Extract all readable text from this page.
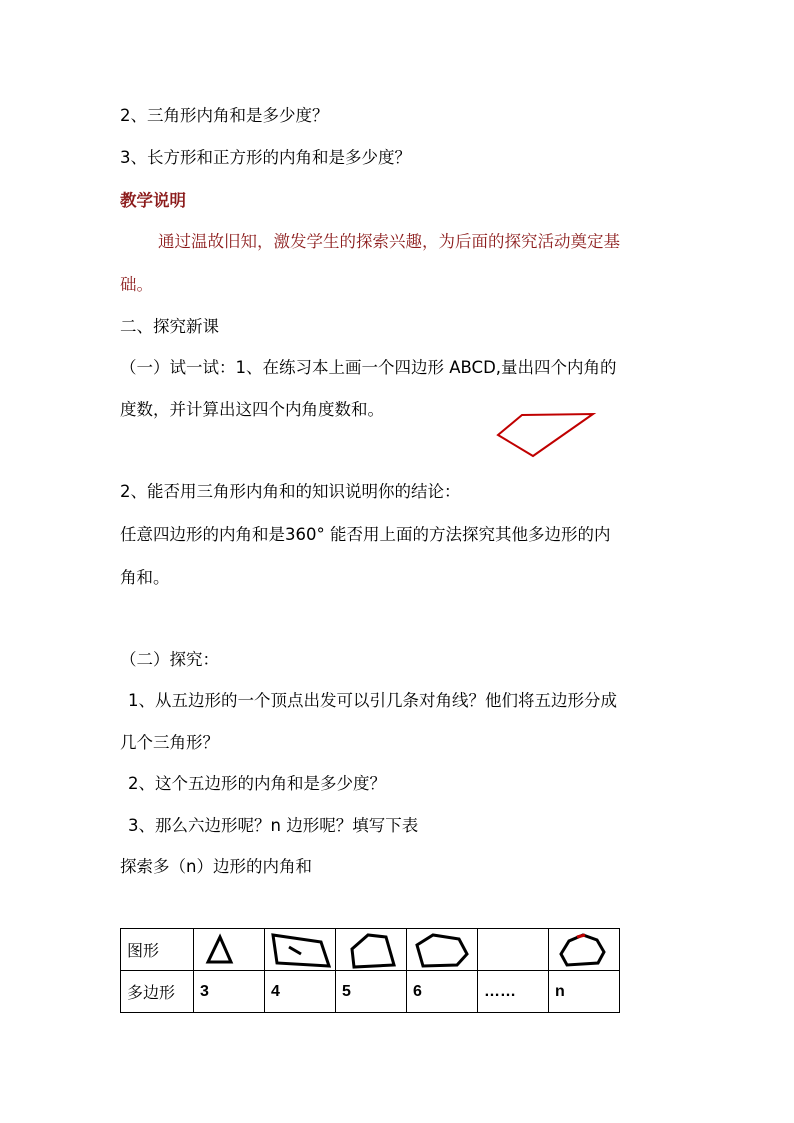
2、三角形内角和是多少度？
3、长方形和正方形的内角和是多少度？
教学说明
通过温故旧知，激发学生的探索兴趣，为后面的探究活动奠定基
础。
二、探究新课
（一）试一试：1、在练习本上画一个四边形 ABCD,量出四个内角的
度数，并计算出这四个内角度数和。
2、能否用三角形内角和的知识说明你的结论：
任意四边形的内角和是360° 能否用上面的方法探究其他多边形的内
角和。
（二）探究：
1、从五边形的一个顶点出发可以引几条对角线？他们将五边形分成
几个三角形？
2、这个五边形的内角和是多少度？
3、那么六边形呢？n 边形呢？填写下表
探索多（n）边形的内角和
图形	

多边形	3	4	5	6	……	n
